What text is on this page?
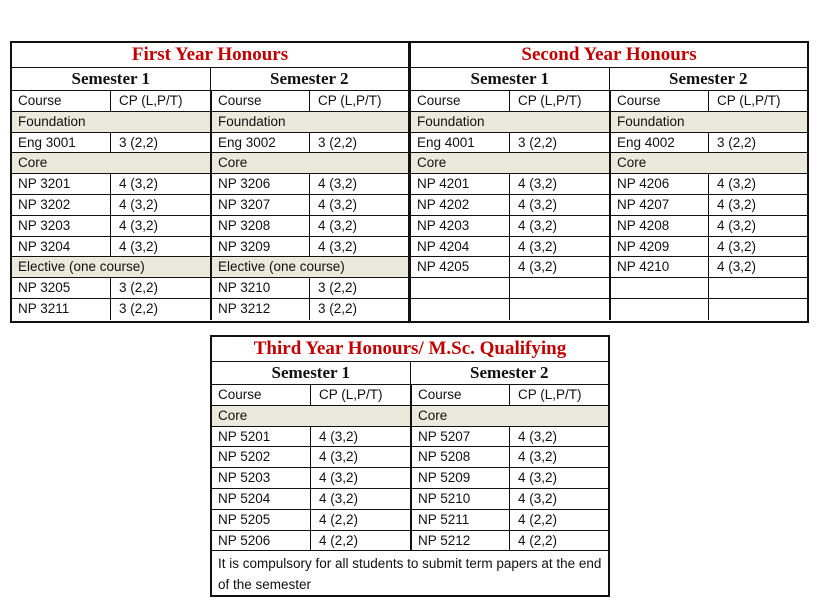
First Year Honours
Semester 1	Semester 2
Course	CP (L,P/T)	Course	CP (L,P/T)
Foundation	Foundation
Eng 3001	3 (2,2)	Eng 3002	3 (2,2)
Core	Core
NP 3201	4 (3,2)	NP 3206	4 (3,2)
NP 3202	4 (3,2)	NP 3207	4 (3,2)
NP 3203	4 (3,2)	NP 3208	4 (3,2)
NP 3204	4 (3,2)	NP 3209	4 (3,2)
Elective (one course)	Elective (one course)
NP 3205	3 (2,2)	NP 3210	3 (2,2)
NP 3211	3 (2,2)	NP 3212	3 (2,2)
Second Year Honours
Semester 1	Semester 2
Course	CP (L,P/T)	Course	CP (L,P/T)
Foundation	Foundation
Eng 4001	3 (2,2)	Eng 4002	3 (2,2)
Core	Core
NP 4201	4 (3,2)	NP 4206	4 (3,2)
NP 4202	4 (3,2)	NP 4207	4 (3,2)
NP 4203	4 (3,2)	NP 4208	4 (3,2)
NP 4204	4 (3,2)	NP 4209	4 (3,2)
NP 4205	4 (3,2)	NP 4210	4 (3,2)
Third Year Honours/ M.Sc. Qualifying
Semester 1	Semester 2
Course	CP (L,P/T)	Course	CP (L,P/T)
Core	Core
NP 5201	4 (3,2)	NP 5207	4 (3,2)
NP 5202	4 (3,2)	NP 5208	4 (3,2)
NP 5203	4 (3,2)	NP 5209	4 (3,2)
NP 5204	4 (3,2)	NP 5210	4 (3,2)
NP 5205	4 (2,2)	NP 5211	4 (2,2)
NP 5206	4 (2,2)	NP 5212	4 (2,2)
It is compulsory for all students to submit term papers at the end of the semester
